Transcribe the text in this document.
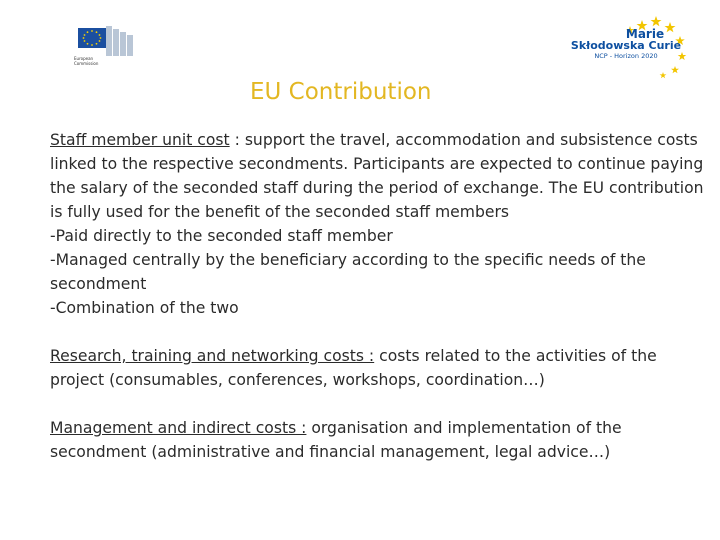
European Commission
Marie
Skłodowska Curie
NCP - Horizon 2020
EU Contribution
Staff member unit cost : support the travel, accommodation and subsistence costs linked to the respective secondments. Participants are expected to continue paying the salary of the seconded staff during the period of exchange. The EU contribution is fully used for the benefit of the seconded staff members
-Paid directly to the seconded staff member
-Managed centrally by the beneficiary according to the specific needs of the secondment
-Combination of the two
Research, training and networking costs : costs related to the activities of the project (consumables, conferences, workshops, coordination…)
Management and indirect costs : organisation and implementation of the secondment (administrative and financial management, legal advice…)
